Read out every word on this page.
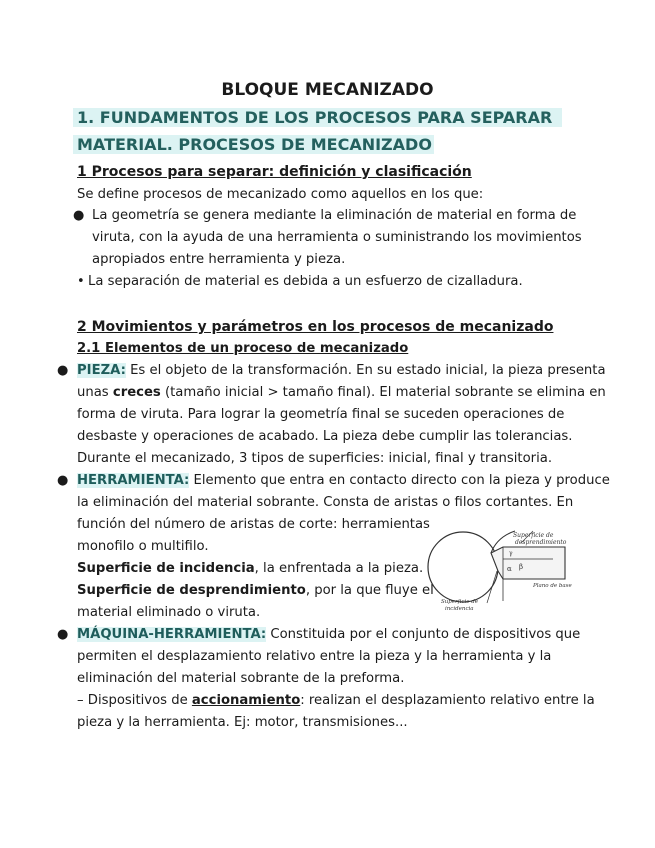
BLOQUE MECANIZADO
1. FUNDAMENTOS DE LOS PROCESOS PARA SEPARAR
MATERIAL. PROCESOS DE MECANIZADO
1 Procesos para separar: definición y clasificación
Se define procesos de mecanizado como aquellos en los que:
● La geometría se genera mediante la eliminación de material en forma de
viruta, con la ayuda de una herramienta o suministrando los movimientos
apropiados entre herramienta y pieza.
• La separación de material es debida a un esfuerzo de cizalladura.
2 Movimientos y parámetros en los procesos de mecanizado
2.1 Elementos de un proceso de mecanizado
● PIEZA: Es el objeto de la transformación. En su estado inicial, la pieza presenta
unas creces (tamaño inicial > tamaño final). El material sobrante se elimina en
forma de viruta. Para lograr la geometría final se suceden operaciones de
desbaste y operaciones de acabado. La pieza debe cumplir las tolerancias.
Durante el mecanizado, 3 tipos de superficies: inicial, final y transitoria.
● HERRAMIENTA: Elemento que entra en contacto directo con la pieza y produce
la eliminación del material sobrante. Consta de aristas o filos cortantes. En
función del número de aristas de corte: herramientas
monofilo o multifilo.
Superficie de incidencia, la enfrentada a la pieza.
Superficie de desprendimiento, por la que fluye el
material eliminado o viruta.
Superficie de
desprendimiento
Plano de base
Superficie de
incidencia
α β
γ
● MÁQUINA-HERRAMIENTA: Constituida por el conjunto de dispositivos que
permiten el desplazamiento relativo entre la pieza y la herramienta y la
eliminación del material sobrante de la preforma.
– Dispositivos de accionamiento: realizan el desplazamiento relativo entre la
pieza y la herramienta. Ej: motor, transmisiones...
